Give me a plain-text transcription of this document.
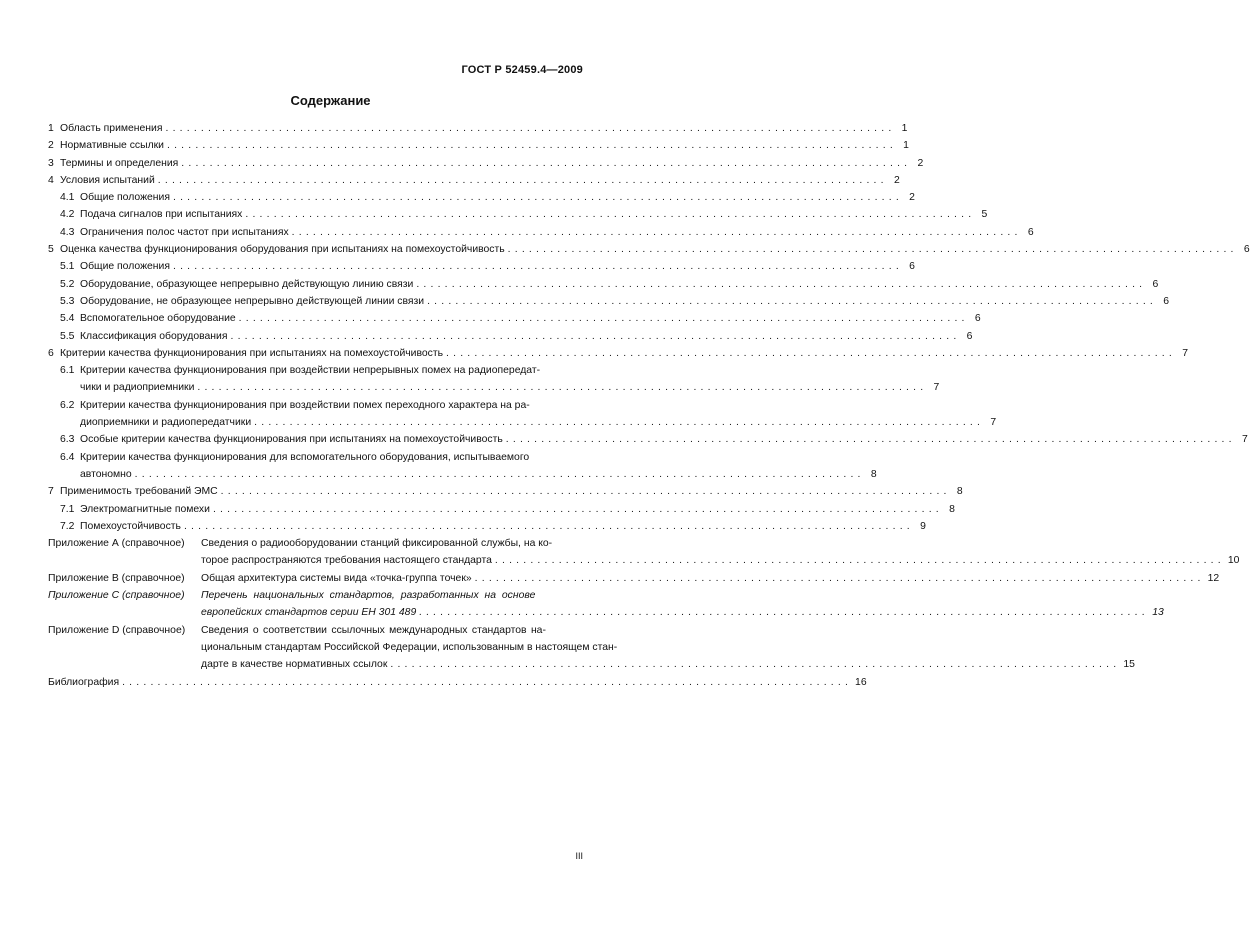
ГОСТ Р 52459.4—2009
Содержание
1 Область применения ....................................................................................................... 1
2 Нормативные ссылки ....................................................................................................... 1
3 Термины и определения ....................................................................................................... 2
4 Условия испытаний ....................................................................................................... 2
4.1 Общие положения ....................................................................................................... 2
4.2 Подача сигналов при испытаниях ....................................................................................................... 5
4.3 Ограничения полос частот при испытаниях ....................................................................................................... 6
5 Оценка качества функционирования оборудования при испытаниях на помехоустойчивость ....................................................................................................... 6
5.1 Общие положения ....................................................................................................... 6
5.2 Оборудование, образующее непрерывно действующую линию связи ....................................................................................................... 6
5.3 Оборудование, не образующее непрерывно действующей линии связи ....................................................................................................... 6
5.4 Вспомогательное оборудование ....................................................................................................... 6
5.5 Классификация оборудования ....................................................................................................... 6
6 Критерии качества функционирования при испытаниях на помехоустойчивость ....................................................................................................... 7
6.1 Критерии качества функционирования при воздействии непрерывных помех на радиопередат-
чики и радиоприемники ....................................................................................................... 7
6.2 Критерии качества функционирования при воздействии помех переходного характера на ра-
диоприемники и радиопередатчики ....................................................................................................... 7
6.3 Особые критерии качества функционирования при испытаниях на помехоустойчивость ....................................................................................................... 7
6.4 Критерии качества функционирования для вспомогательного оборудования, испытываемого
автономно ....................................................................................................... 8
7 Применимость требований ЭМС ....................................................................................................... 8
7.1 Электромагнитные помехи ....................................................................................................... 8
7.2 Помехоустойчивость ....................................................................................................... 9
Приложение А (справочное) Сведения о радиооборудовании станций фиксированной службы, на ко-
торое распространяются требования настоящего стандарта ....................................................................................................... 10
Приложение В (справочное) Общая архитектура системы вида «точка-группа точек» ....................................................................................................... 12
Приложение С (справочное) Перечень национальных стандартов, разработанных на основе
европейских стандартов серии ЕН 301 489 ....................................................................................................... 13
Приложение D (справочное) Сведения о соответствии ссылочных международных стандартов на-
циональным стандартам Российской Федерации, использованным в настоящем стан-
дарте в качестве нормативных ссылок ....................................................................................................... 15
Библиография ....................................................................................................... 16
III
